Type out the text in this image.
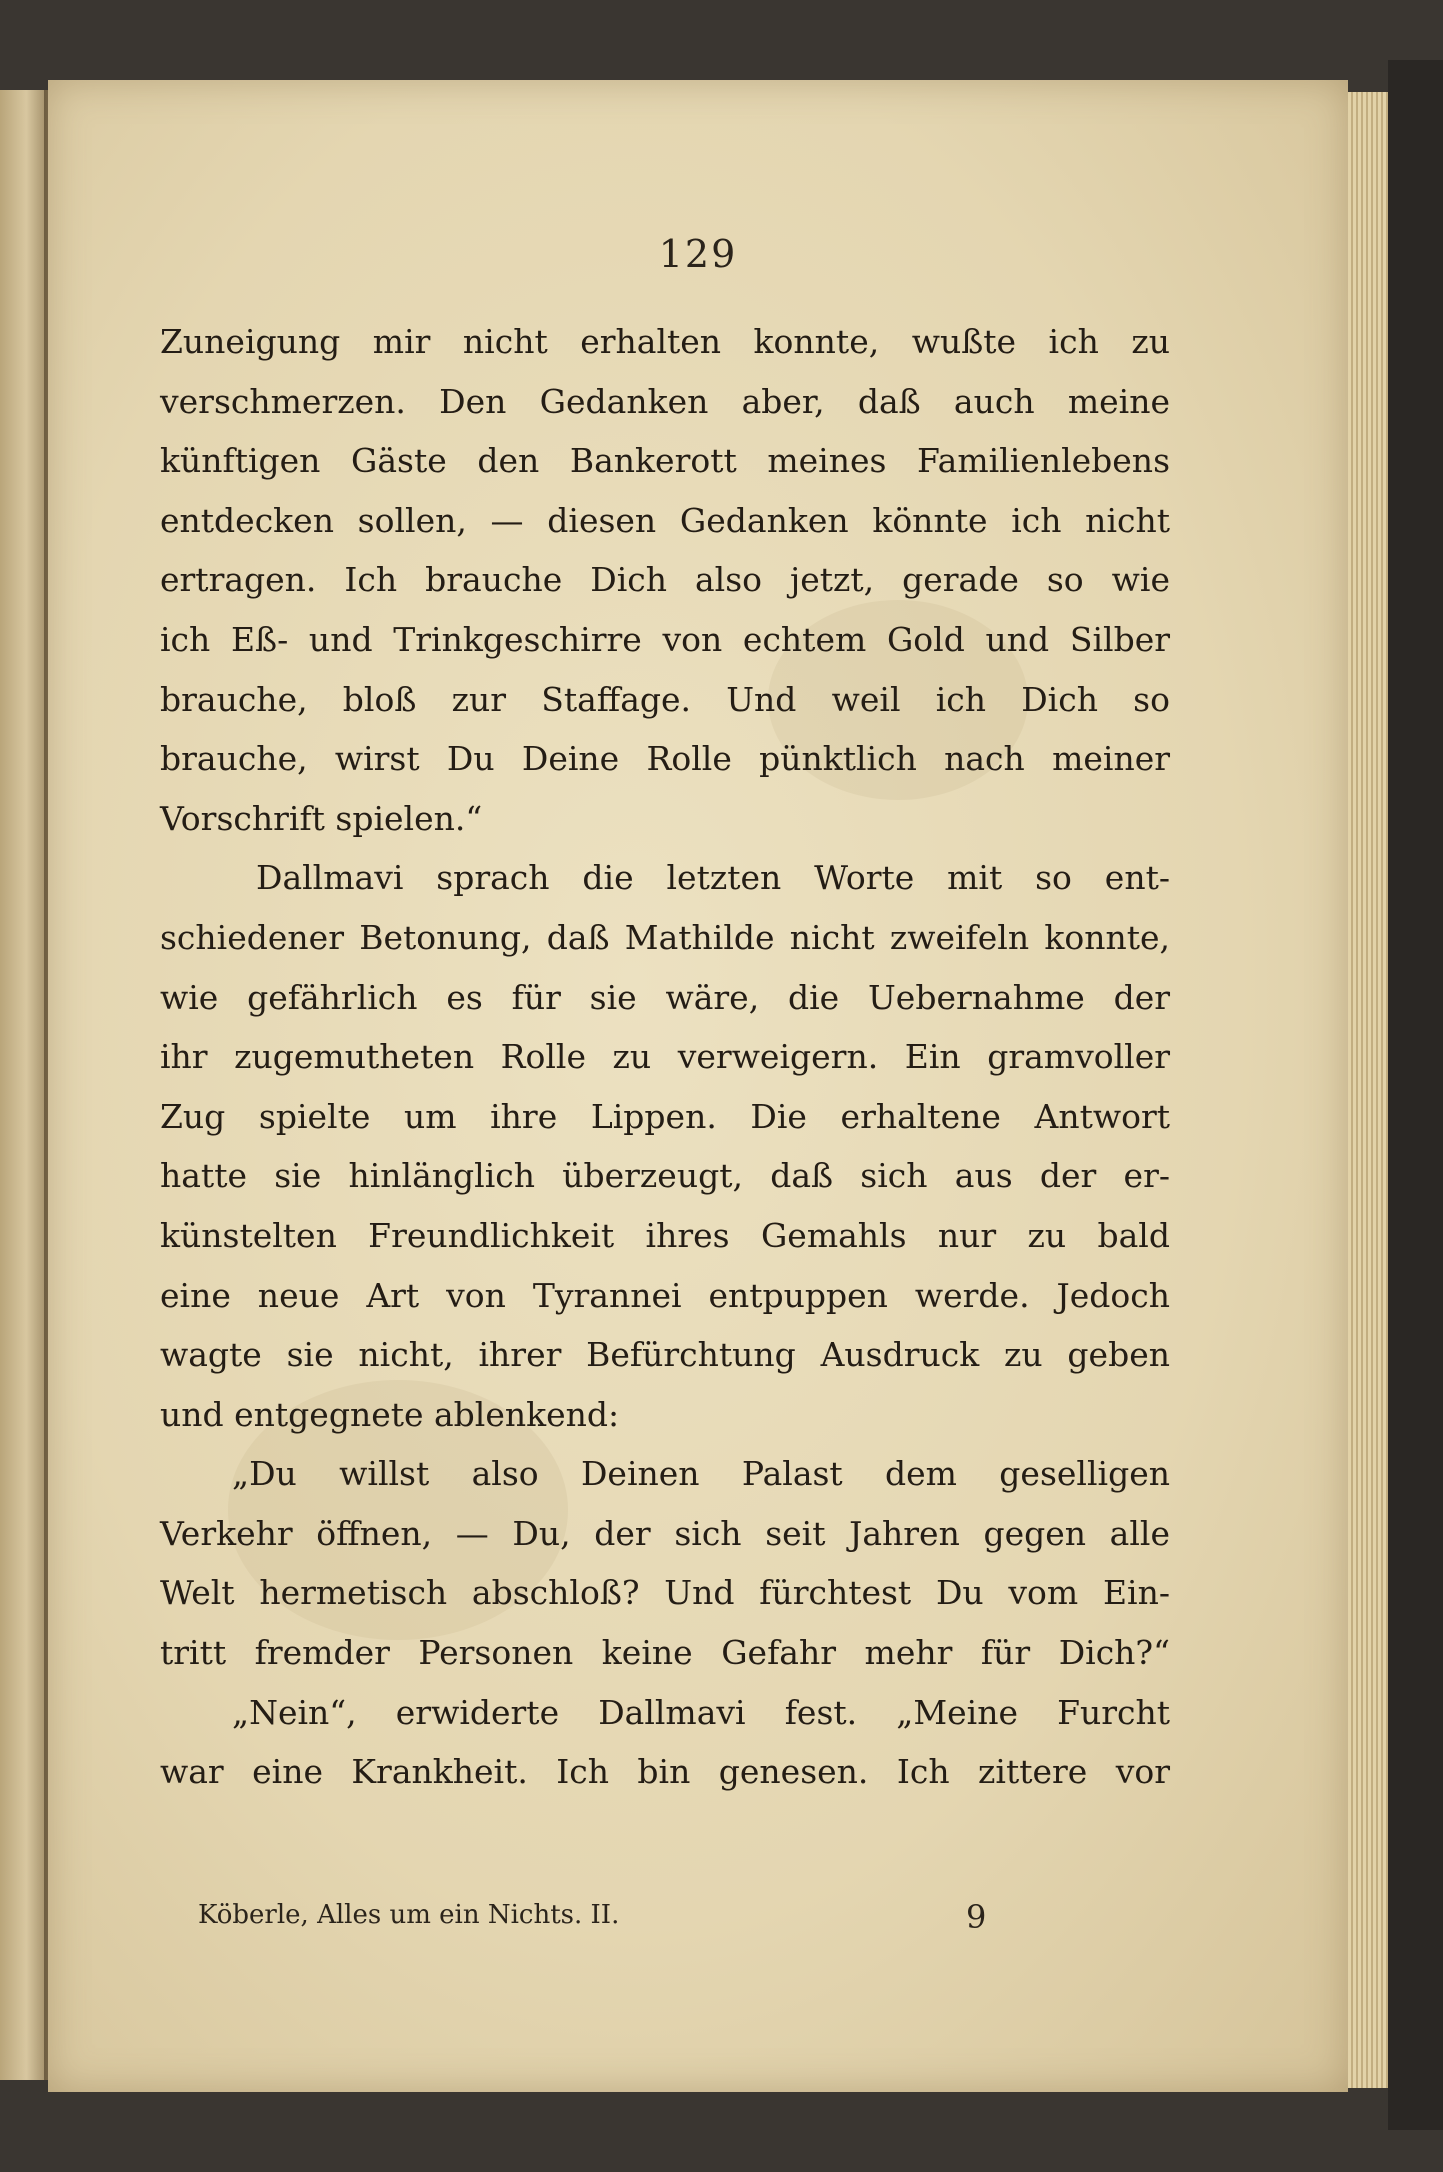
129
Zuneigung mir nicht erhalten konnte, wußte ich zu
verschmerzen. Den Gedanken aber, daß auch meine
künftigen Gäste den Bankerott meines Familienlebens
entdecken sollen, — diesen Gedanken könnte ich nicht
ertragen. Ich brauche Dich also jetzt, gerade so wie
ich Eß- und Trinkgeschirre von echtem Gold und Silber
brauche, bloß zur Staffage. Und weil ich Dich so
brauche, wirst Du Deine Rolle pünktlich nach meiner
Vorschrift spielen.“
Dallmavi sprach die letzten Worte mit so ent-
schiedener Betonung, daß Mathilde nicht zweifeln konnte,
wie gefährlich es für sie wäre, die Uebernahme der
ihr zugemutheten Rolle zu verweigern. Ein gramvoller
Zug spielte um ihre Lippen. Die erhaltene Antwort
hatte sie hinlänglich überzeugt, daß sich aus der er-
künstelten Freundlichkeit ihres Gemahls nur zu bald
eine neue Art von Tyrannei entpuppen werde. Jedoch
wagte sie nicht, ihrer Befürchtung Ausdruck zu geben
und entgegnete ablenkend:
„Du willst also Deinen Palast dem geselligen
Verkehr öffnen, — Du, der sich seit Jahren gegen alle
Welt hermetisch abschloß? Und fürchtest Du vom Ein-
tritt fremder Personen keine Gefahr mehr für Dich?“
„Nein“, erwiderte Dallmavi fest. „Meine Furcht
war eine Krankheit. Ich bin genesen. Ich zittere vor
Köberle, Alles um ein Nichts. II.	9
